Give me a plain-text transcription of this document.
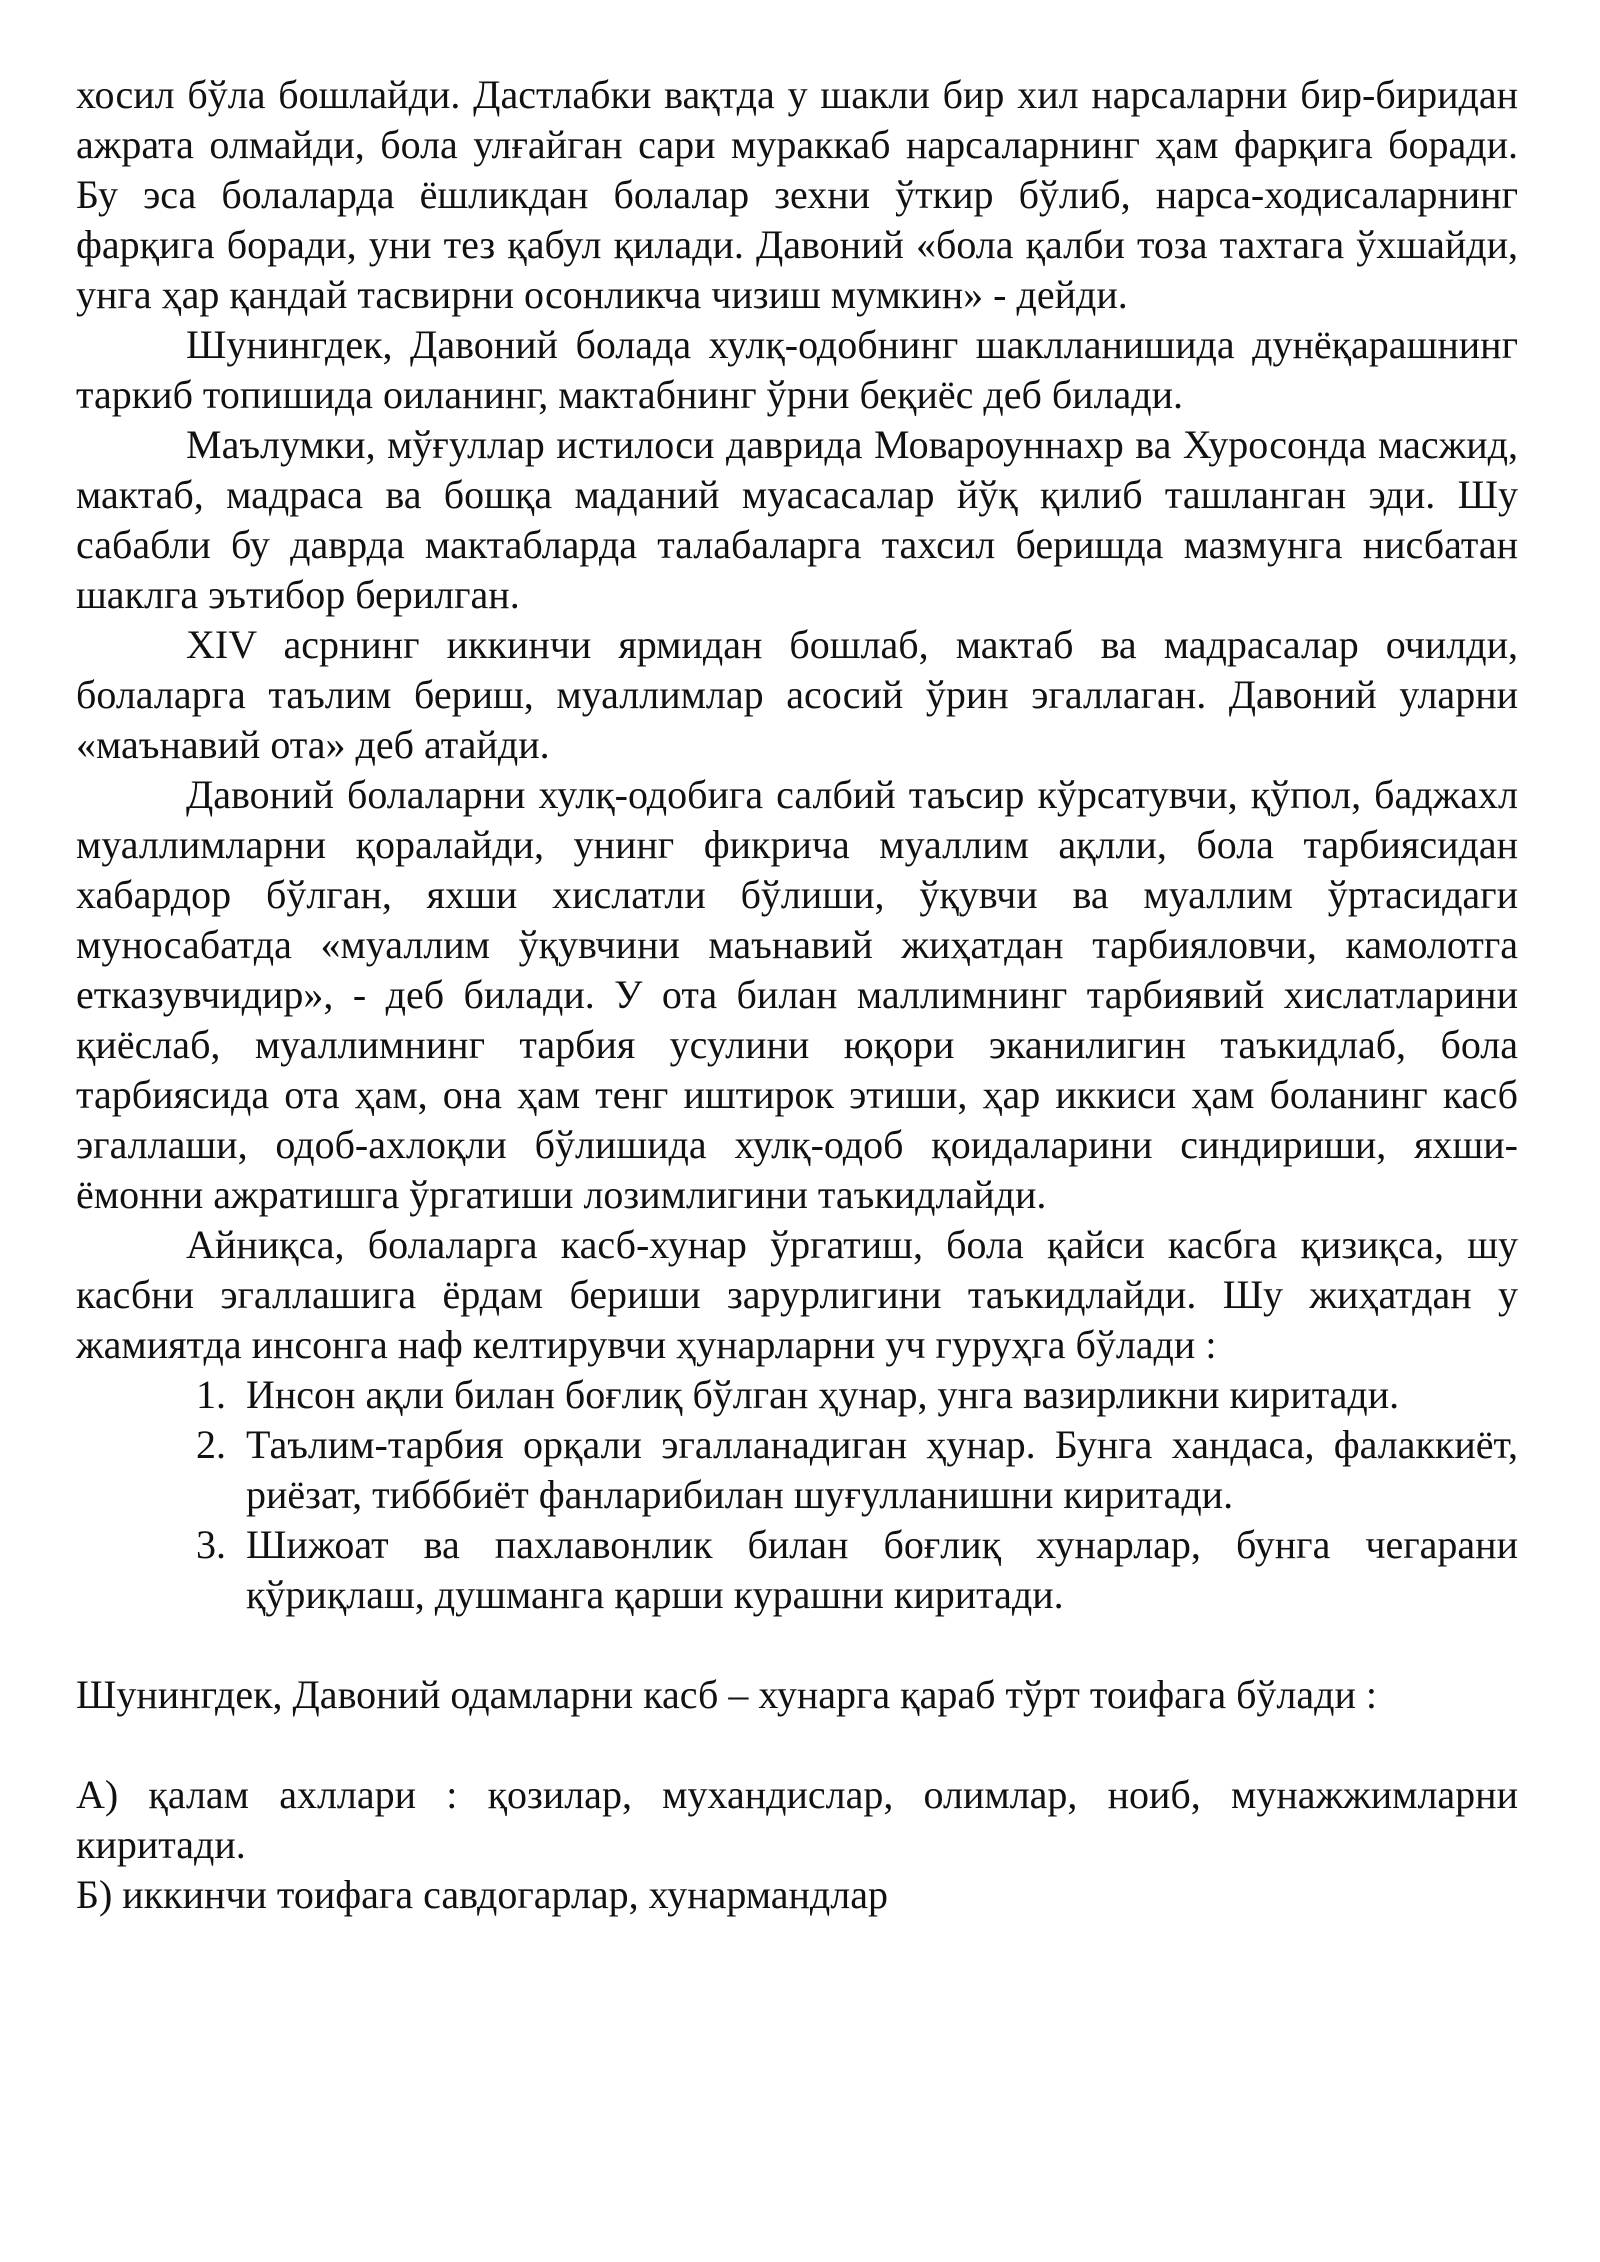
хосил бўла бошлайди. Дастлабки вақтда у шакли бир хил нарсаларни бир-биридан ажрата олмайди, бола улғайган сари мураккаб нарсаларнинг ҳам фарқига боради. Бу эса болаларда ёшликдан болалар зехни ўткир бўлиб, нарса-ходисаларнинг фарқига боради, уни тез қабул қилади. Давоний «бола қалби тоза тахтага ўхшайди, унга ҳар қандай тасвирни осонликча чизиш мумкин» - дейди.

Шунингдек, Давоний болада хулқ-одобнинг шаклланишида дунёқарашнинг таркиб топишида оиланинг, мактабнинг ўрни беқиёс деб билади.

Маълумки, мўғуллар истилоси даврида Мовароуннахр ва Хуросонда масжид, мактаб, мадраса ва бошқа маданий муасасалар йўқ қилиб ташланган эди. Шу сабабли бу даврда мактабларда талабаларга тахсил беришда мазмунга нисбатан шаклга эътибор берилган.

XIV асрнинг иккинчи ярмидан бошлаб, мактаб ва мадрасалар очилди, болаларга таълим бериш, муаллимлар асосий ўрин эгаллаган. Давоний уларни «маънавий ота» деб атайди.

Давоний болаларни хулқ-одобига салбий таъсир кўрсатувчи, қўпол, баджахл муаллимларни қоралайди, унинг фикрича муаллим ақлли, бола тарбиясидан хабардор бўлган, яхши хислатли бўлиши, ўқувчи ва муаллим ўртасидаги муносабатда «муаллим ўқувчини маънавий жиҳатдан тарбияловчи, камолотга етказувчидир», - деб билади. У ота билан маллимнинг тарбиявий хислатларини қиёслаб, муаллимнинг тарбия усулини юқори эканилигин таъкидлаб, бола тарбиясида ота ҳам, она ҳам тенг иштирок этиши, ҳар иккиси ҳам боланинг касб эгаллаши, одоб-ахлоқли бўлишида хулқ-одоб қоидаларини синдириши, яхши-ёмонни ажратишга ўргатиши лозимлигини таъкидлайди.

Айниқса, болаларга касб-хунар ўргатиш, бола қайси касбга қизиқса, шу касбни эгаллашига ёрдам бериши зарурлигини таъкидлайди. Шу жиҳатдан у жамиятда инсонга наф келтирувчи ҳунарларни уч гуруҳга бўлади :

1. Инсон ақли билан боғлиқ бўлган ҳунар, унга вазирликни киритади.
2. Таълим-тарбия орқали эгалланадиган ҳунар. Бунга хандаса, фалаккиёт, риёзат, тибббиёт фанларибилан шуғулланишни киритади.
3. Шижоат ва пахлавонлик билан боғлиқ хунарлар, бунга чегарани қўриқлаш, душманга қарши курашни киритади.

Шунингдек, Давоний одамларни касб – хунарга қараб тўрт тоифага бўлади :

А) қалам ахллари : қозилар, мухандислар, олимлар, ноиб, мунажжимларни киритади.

Б) иккинчи тоифага савдогарлар, хунармандлар
